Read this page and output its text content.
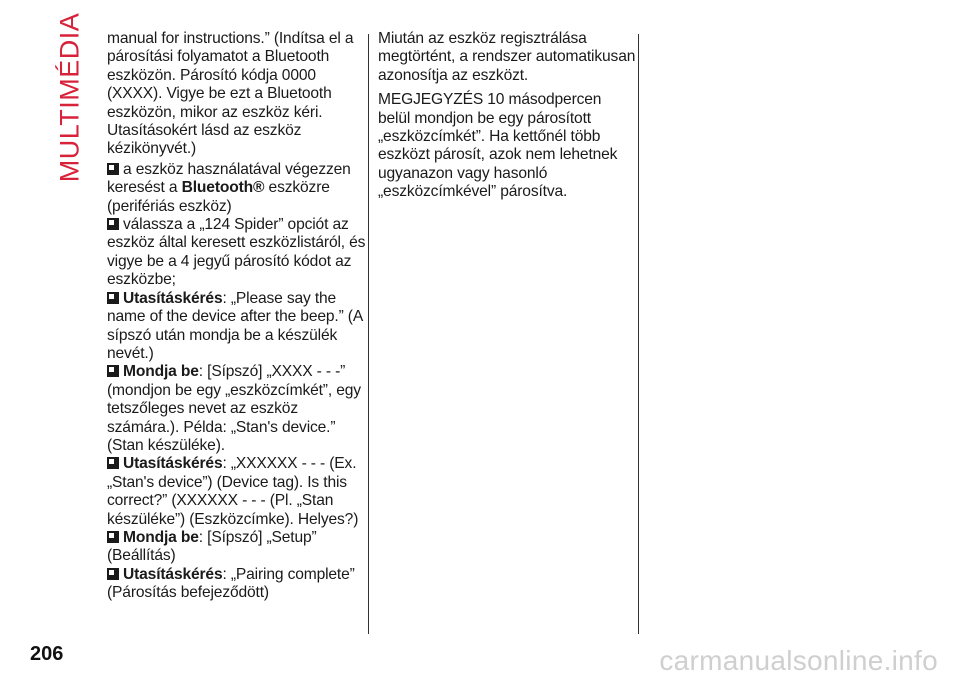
MULTIMÉDIA manual for instructions.” (Indítsa el a párosítási folyamatot a Bluetooth eszközön. Párosító kódja 0000 (XXXX). Vigye be ezt a Bluetooth eszközön, mikor az eszköz kéri. Utasításokért lásd az eszköz kézikönyvét.)

a eszköz használatával végezzen keresést a Bluetooth® eszközre (perifériás eszköz)

válassza a „124 Spider” opciót az eszköz által keresett eszközlistáról, és vigye be a 4 jegyű párosító kódot az eszközbe;

Utasításkérés: „Please say the name of the device after the beep.” (A sípszó után mondja be a készülék nevét.)

Mondja be: [Sípszó] „XXXX - - -” (mondjon be egy „eszközcímkét”, egy tetszőleges nevet az eszköz számára.). Példa: „Stan's device.” (Stan készüléke).

Utasításkérés: „XXXXXX - - - (Ex. „Stan's device”) (Device tag). Is this correct?” (XXXXXX - - - (Pl. „Stan készüléke”) (Eszközcímke). Helyes?)

Mondja be: [Sípszó] „Setup” (Beállítás)

Utasításkérés: „Pairing complete” (Párosítás befejeződött)

Miután az eszköz regisztrálása megtörtént, a rendszer automatikusan azonosítja az eszközt.

MEGJEGYZÉS 10 másodpercen belül mondjon be egy párosított „eszközcímkét”. Ha kettőnél több eszközt párosít, azok nem lehetnek ugyanazon vagy hasonló „eszközcímkével” párosítva.

206	carmanualsonline.info
